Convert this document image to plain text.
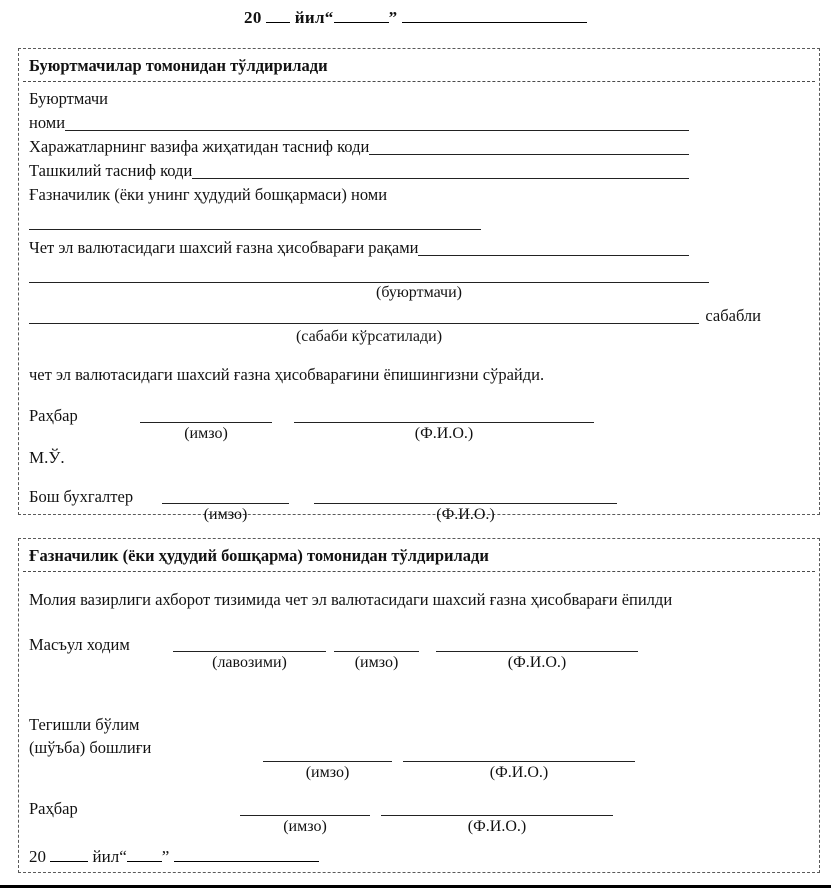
20 йил“	”
Буюртмачилар томонидан тўлдирилади
Буюртмачи
номи
Харажатларнинг вазифа жиҳатидан тасниф коди
Ташкилий тасниф коди
Ғазначилик (ёки унинг ҳудудий бошқармаси) номи
Чет эл валютасидаги шахсий ғазна ҳисобварағи рақами
(буюртмачи)
сабабли
(сабаби кўрсатилади)
чет эл валютасидаги шахсий ғазна ҳисобварағини ёпишингизни сўрайди.
Раҳбар
(имзо)	(Ф.И.О.)
М.Ў.
Бош бухгалтер
(имзо)	(Ф.И.О.)
Ғазначилик (ёки ҳудудий бошқарма) томонидан тўлдирилади
Молия вазирлиги ахборот тизимида чет эл валютасидаги шахсий ғазна ҳисобварағи ёпилди
Масъул ходим
(лавозими)	(имзо)	(Ф.И.О.)
Тегишли бўлим
(шўъба) бошлиғи
(имзо)	(Ф.И.О.)
Раҳбар
(имзо)	(Ф.И.О.)
20	йил“ ”
